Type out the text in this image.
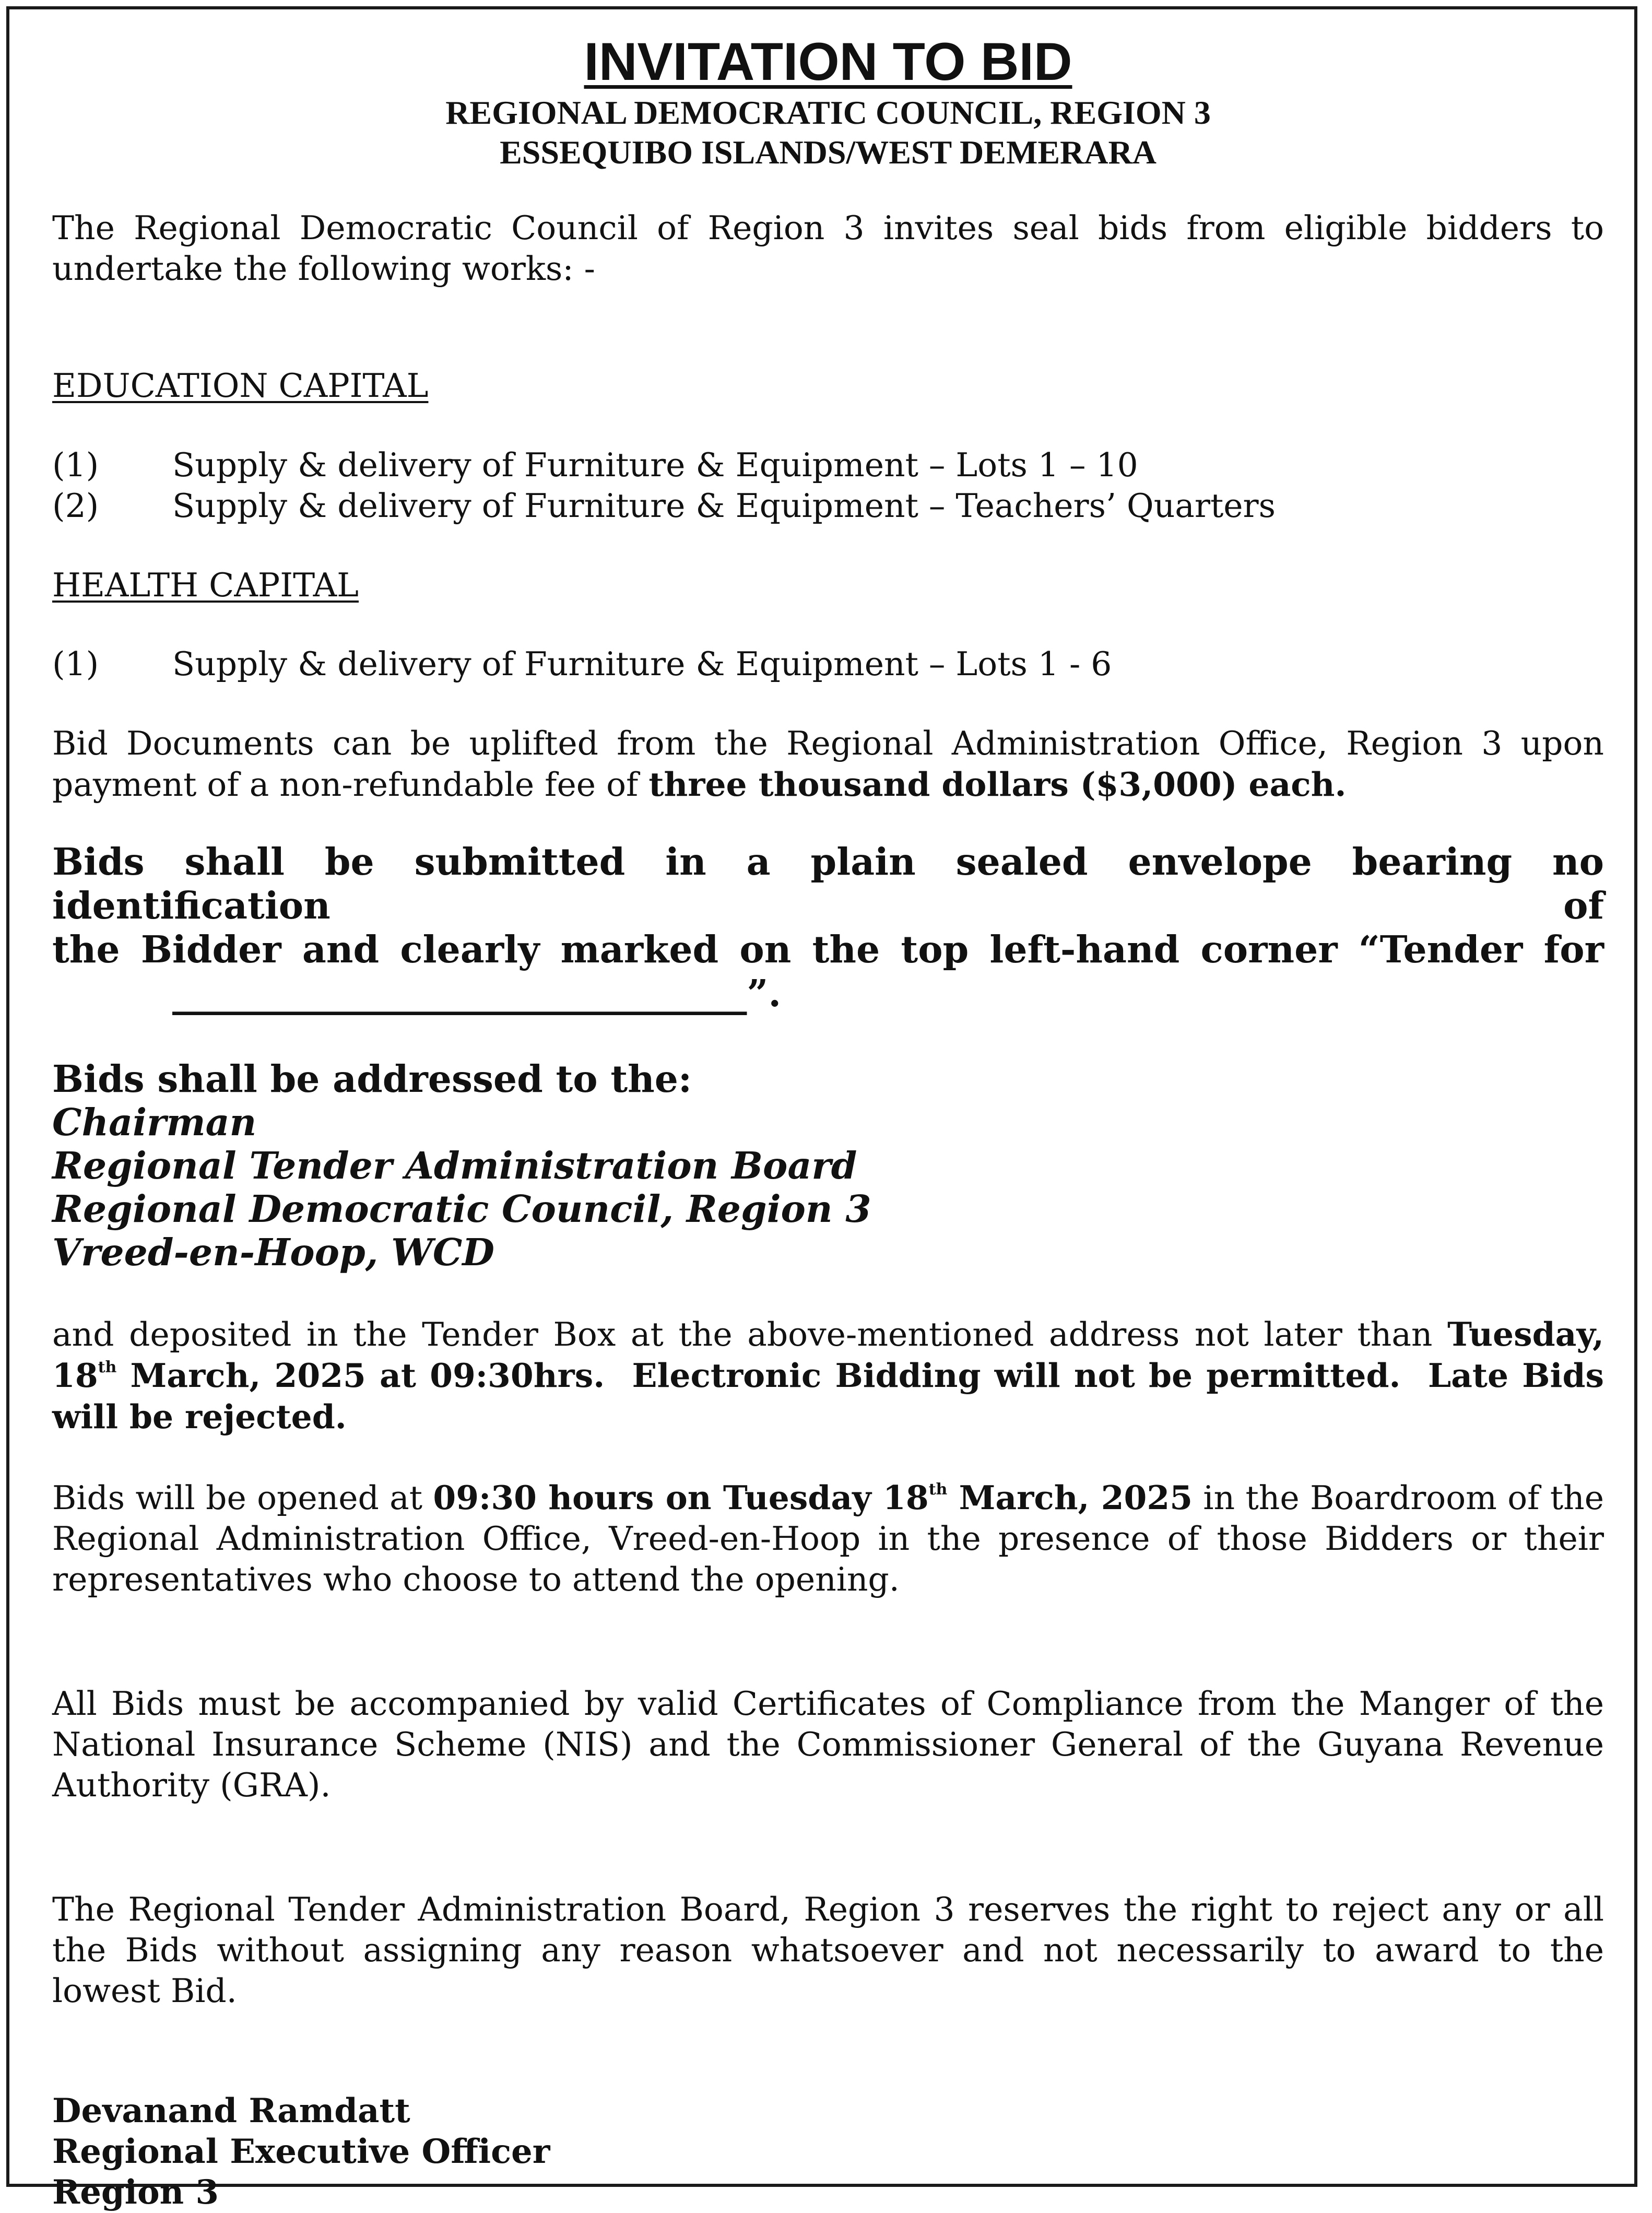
INVITATION TO BID

REGIONAL DEMOCRATIC COUNCIL, REGION 3

ESSEQUIBO ISLANDS/WEST DEMERARA

The Regional Democratic Council of Region 3 invites seal bids from eligible bidders to undertake the following works: -

EDUCATION CAPITAL

(1)	Supply & delivery of Furniture & Equipment – Lots 1 – 10
(2)	Supply & delivery of Furniture & Equipment – Teachers’ Quarters

HEALTH CAPITAL

(1)	Supply & delivery of Furniture & Equipment – Lots 1 - 6

Bid Documents can be uplifted from the Regional Administration Office, Region 3 upon payment of a non-refundable fee of three thousand dollars ($3,000) each.

Bids shall be submitted in a plain sealed envelope bearing no identification of

the Bidder and clearly marked on the top left-hand corner “Tender for

_______________________________”.

Bids shall be addressed to the:

Chairman

Regional Tender Administration Board

Regional Democratic Council, Region 3

Vreed-en-Hoop, WCD

and deposited in the Tender Box at the above-mentioned address not later than Tuesday, 18th March, 2025 at 09:30hrs. Electronic Bidding will not be permitted. Late Bids will be rejected.

Bids will be opened at 09:30 hours on Tuesday 18th March, 2025 in the Boardroom of the Regional Administration Office, Vreed-en-Hoop in the presence of those Bidders or their representatives who choose to attend the opening.

All Bids must be accompanied by valid Certificates of Compliance from the Manger of the National Insurance Scheme (NIS) and the Commissioner General of the Guyana Revenue Authority (GRA).

The Regional Tender Administration Board, Region 3 reserves the right to reject any or all the Bids without assigning any reason whatsoever and not necessarily to award to the lowest Bid.

Devanand Ramdatt

Regional Executive Officer

Region 3
